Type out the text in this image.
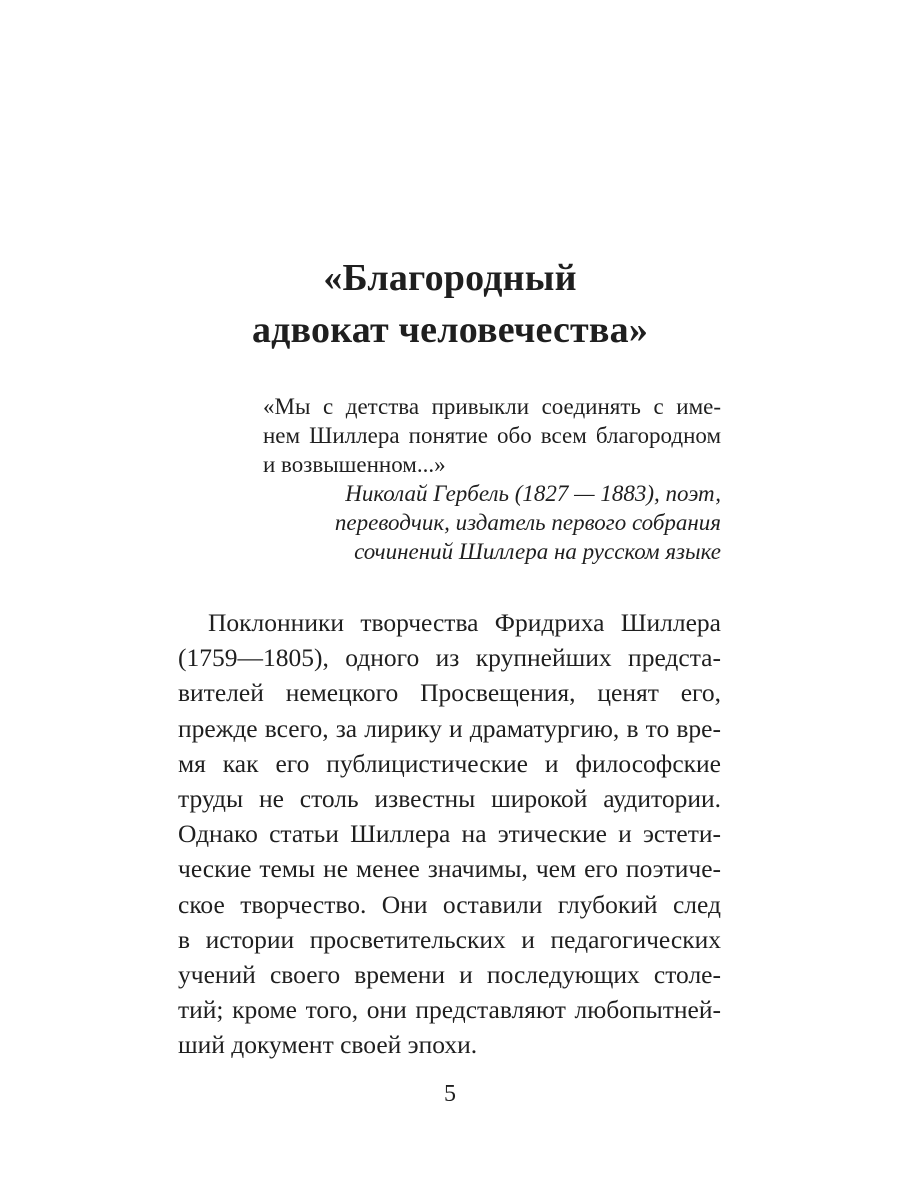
«Благородный
адвокат человечества»
«Мы с детства привыкли соединять с име-
нем Шиллера понятие обо всем благородном
и возвышенном...»
Николай Гербель (1827 — 1883), поэт,
переводчик, издатель первого собрания
сочинений Шиллера на русском языке
Поклонники творчества Фридриха Шиллера
(1759—1805), одного из крупнейших предста-
вителей немецкого Просвещения, ценят его,
прежде всего, за лирику и драматургию, в то вре-
мя как его публицистические и философские
труды не столь известны широкой аудитории.
Однако статьи Шиллера на этические и эстети-
ческие темы не менее значимы, чем его поэтиче-
ское творчество. Они оставили глубокий след
в истории просветительских и педагогических
учений своего времени и последующих столе-
тий; кроме того, они представляют любопытней-
ший документ своей эпохи.
5
